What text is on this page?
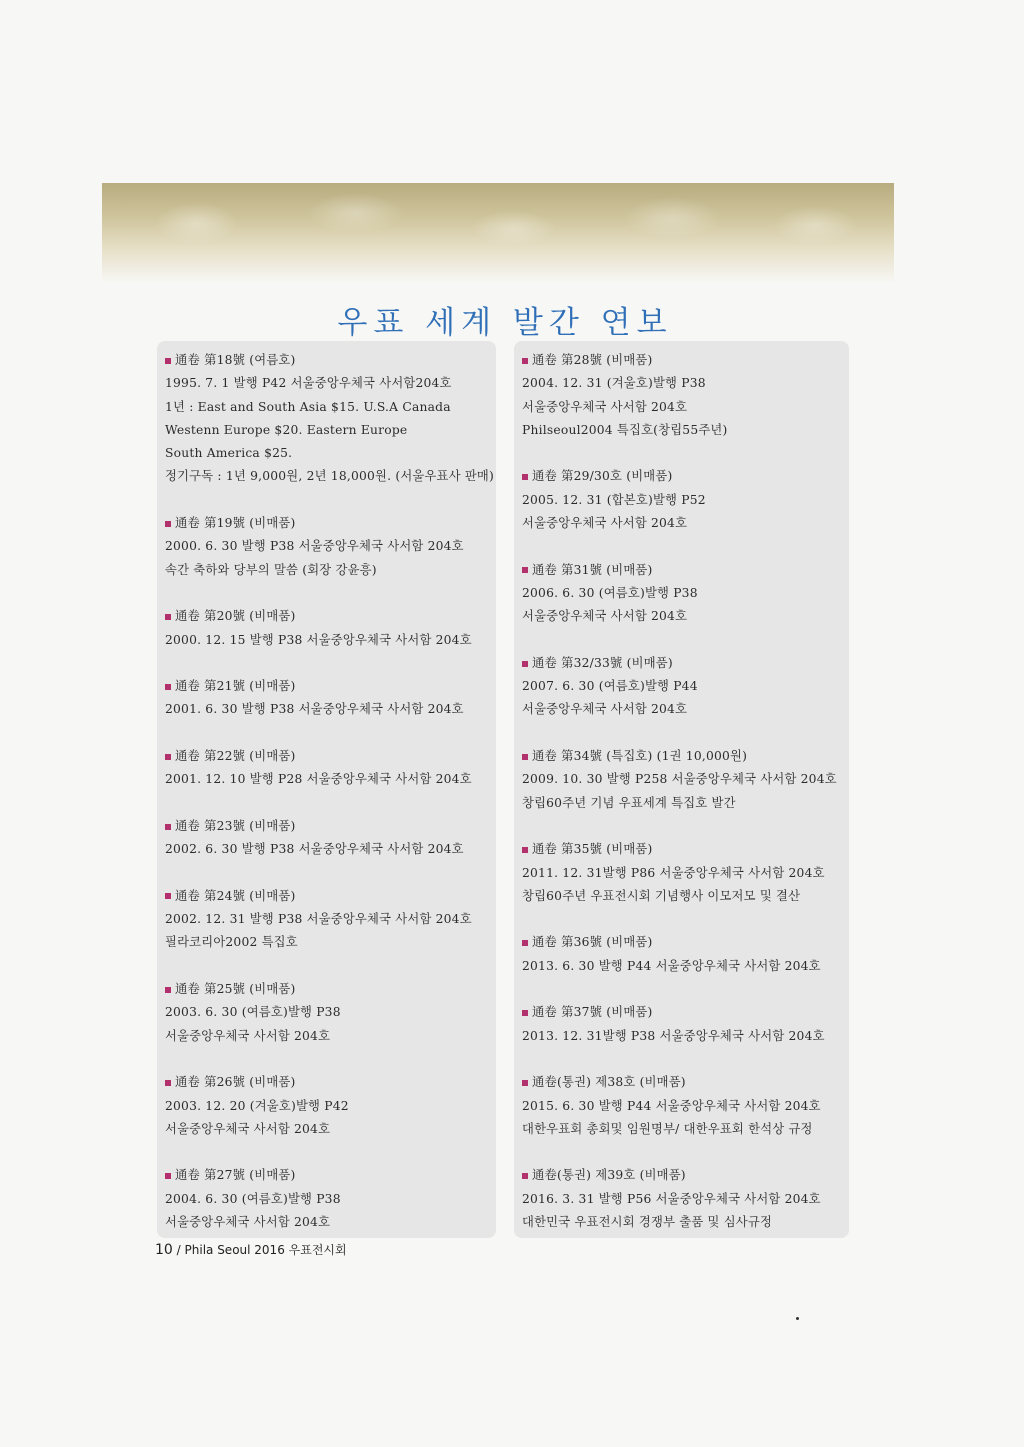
우표 세계 발간 연보
通卷 第18號 (여름호)
1995. 7. 1 발행 P42 서울중앙우체국 사서함204호
1년 : East and South Asia $15. U.S.A Canada
Westenn Europe $20. Eastern Europe
South America $25.
정기구독 : 1년 9,000원, 2년 18,000원. (서울우표사 판매)
通卷 第19號 (비매품)
2000. 6. 30 발행 P38 서울중앙우체국 사서함 204호
속간 축하와 당부의 말씀 (회장 강윤흥)
通卷 第20號 (비매품)
2000. 12. 15 발행 P38 서울중앙우체국 사서함 204호
通卷 第21號 (비매품)
2001. 6. 30 발행 P38 서울중앙우체국 사서함 204호
通卷 第22號 (비매품)
2001. 12. 10 발행 P28 서울중앙우체국 사서함 204호
通卷 第23號 (비매품)
2002. 6. 30 발행 P38 서울중앙우체국 사서함 204호
通卷 第24號 (비매품)
2002. 12. 31 발행 P38 서울중앙우체국 사서함 204호
필라코리아2002 특집호
通卷 第25號 (비매품)
2003. 6. 30 (여름호)발행 P38
서울중앙우체국 사서함 204호
通卷 第26號 (비매품)
2003. 12. 20 (겨울호)발행 P42
서울중앙우체국 사서함 204호
通卷 第27號 (비매품)
2004. 6. 30 (여름호)발행 P38
서울중앙우체국 사서함 204호
通卷 第28號 (비매품)
2004. 12. 31 (겨울호)발행 P38
서울중앙우체국 사서함 204호
Philseoul2004 특집호(창립55주년)
通卷 第29/30호 (비매품)
2005. 12. 31 (합본호)발행 P52
서울중앙우체국 사서함 204호
通卷 第31號 (비매품)
2006. 6. 30 (여름호)발행 P38
서울중앙우체국 사서함 204호
通卷 第32/33號 (비매품)
2007. 6. 30 (여름호)발행 P44
서울중앙우체국 사서함 204호
通卷 第34號 (특집호) (1권 10,000원)
2009. 10. 30 발행 P258 서울중앙우체국 사서함 204호
창립60주년 기념 우표세계 특집호 발간
通卷 第35號 (비매품)
2011. 12. 31발행 P86 서울중앙우체국 사서함 204호
창립60주년 우표전시회 기념행사 이모저모 및 결산
通卷 第36號 (비매품)
2013. 6. 30 발행 P44 서울중앙우체국 사서함 204호
通卷 第37號 (비매품)
2013. 12. 31발행 P38 서울중앙우체국 사서함 204호
通卷(통권) 제38호 (비매품)
2015. 6. 30 발행 P44 서울중앙우체국 사서함 204호
대한우표회 총회및 임원명부/ 대한우표회 한석상 규정
通卷(통권) 제39호 (비매품)
2016. 3. 31 발행 P56 서울중앙우체국 사서함 204호
대한민국 우표전시회 경쟁부 출품 및 심사규정
10 / Phila Seoul 2016 우표전시회
